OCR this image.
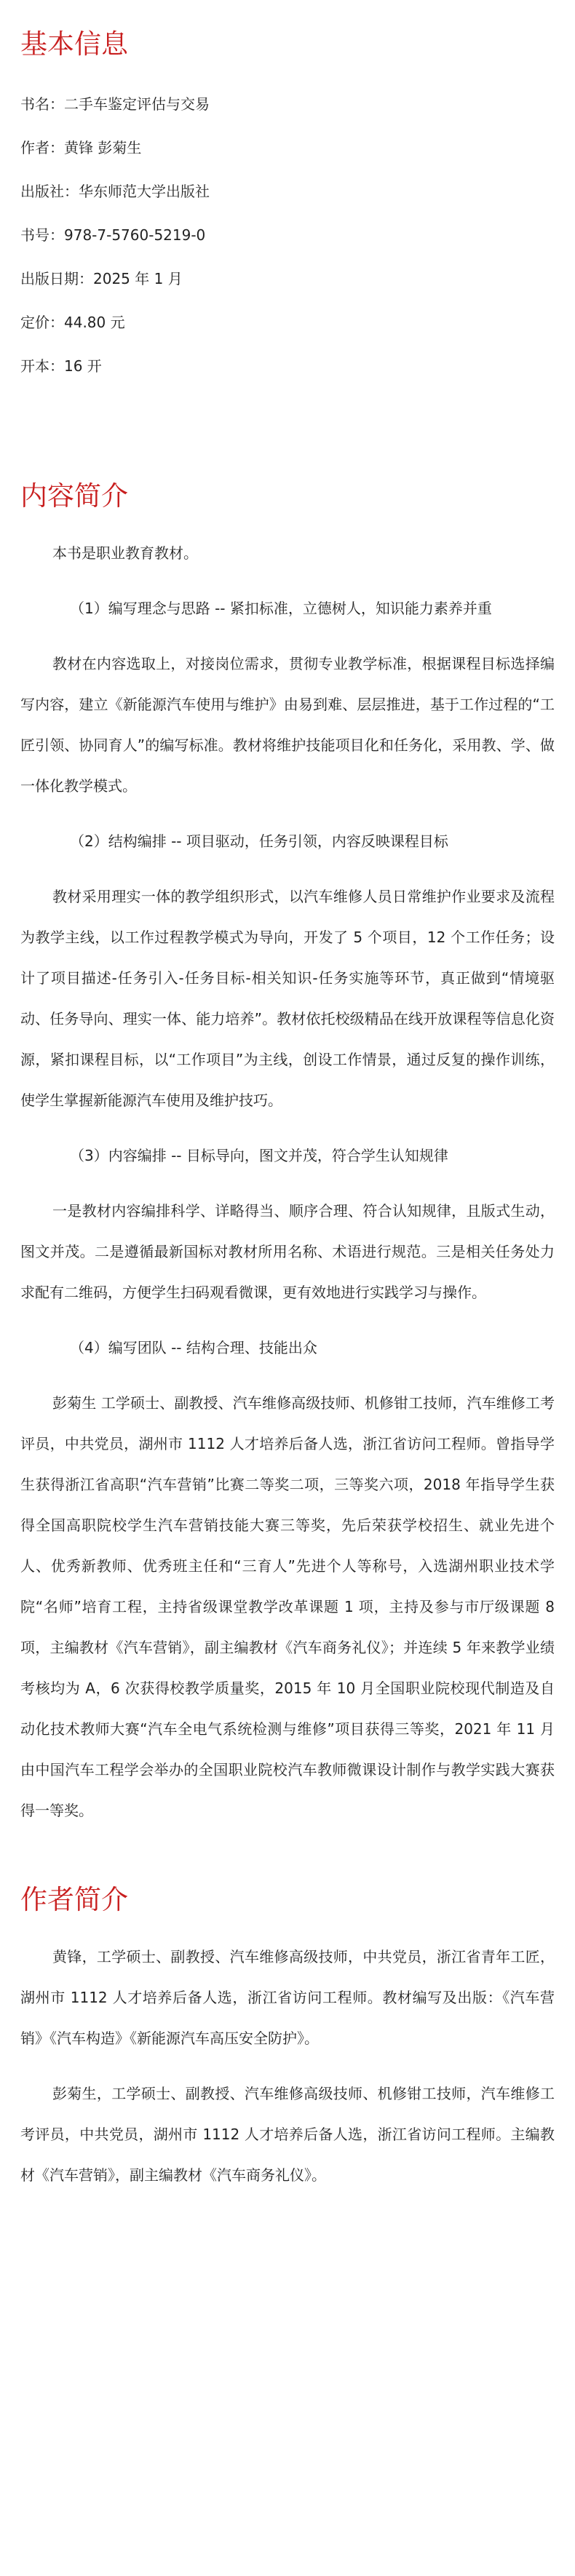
基本信息
书名：二手车鉴定评估与交易
作者：黄锋 彭菊生
出版社：华东师范大学出版社
书号：978-7-5760-5219-0
出版日期：2025 年 1 月
定价：44.80 元
开本：16 开
内容简介

本书是职业教育教材。

（1）编写理念与思路 -- 紧扣标准，立德树人，知识能力素养并重

教材在内容选取上，对接岗位需求，贯彻专业教学标准，根据课程目标选择编写内容，建立《新能源汽车使用与维护》由易到难、层层推进，基于工作过程的“工匠引领、协同育人”的编写标准。教材将维护技能项目化和任务化，采用教、学、做一体化教学模式。

（2）结构编排 -- 项目驱动，任务引领，内容反映课程目标

教材采用理实一体的教学组织形式，以汽车维修人员日常维护作业要求及流程为教学主线，以工作过程教学模式为导向，开发了 5 个项目，12 个工作任务；设计了项目描述-任务引入-任务目标-相关知识-任务实施等环节，真正做到“情境驱动、任务导向、理实一体、能力培养”。教材依托校级精品在线开放课程等信息化资源，紧扣课程目标，以“工作项目”为主线，创设工作情景，通过反复的操作训练，使学生掌握新能源汽车使用及维护技巧。

（3）内容编排 -- 目标导向，图文并茂，符合学生认知规律

一是教材内容编排科学、详略得当、顺序合理、符合认知规律，且版式生动，图文并茂。二是遵循最新国标对教材所用名称、术语进行规范。三是相关任务处力求配有二维码，方便学生扫码观看微课，更有效地进行实践学习与操作。

（4）编写团队 -- 结构合理、技能出众

彭菊生 工学硕士、副教授、汽车维修高级技师、机修钳工技师，汽车维修工考评员，中共党员，湖州市 1112 人才培养后备人选，浙江省访问工程师。曾指导学生获得浙江省高职“汽车营销”比赛二等奖二项，三等奖六项，2018 年指导学生获得全国高职院校学生汽车营销技能大赛三等奖，先后荣获学校招生、就业先进个人、优秀新教师、优秀班主任和“三育人”先进个人等称号，入选湖州职业技术学院“名师”培育工程，主持省级课堂教学改革课题 1 项，主持及参与市厅级课题 8 项，主编教材《汽车营销》，副主编教材《汽车商务礼仪》；并连续 5 年来教学业绩考核均为 A，6 次获得校教学质量奖，2015 年 10 月全国职业院校现代制造及自动化技术教师大赛“汽车全电气系统检测与维修”项目获得三等奖，2021 年 11 月由中国汽车工程学会举办的全国职业院校汽车教师微课设计制作与教学实践大赛获得一等奖。

作者简介

黄锋，工学硕士、副教授、汽车维修高级技师，中共党员，浙江省青年工匠，湖州市 1112 人才培养后备人选，浙江省访问工程师。教材编写及出版：《汽车营销》《汽车构造》《新能源汽车高压安全防护》。

彭菊生，工学硕士、副教授、汽车维修高级技师、机修钳工技师，汽车维修工考评员，中共党员，湖州市 1112 人才培养后备人选，浙江省访问工程师。主编教材《汽车营销》，副主编教材《汽车商务礼仪》。
